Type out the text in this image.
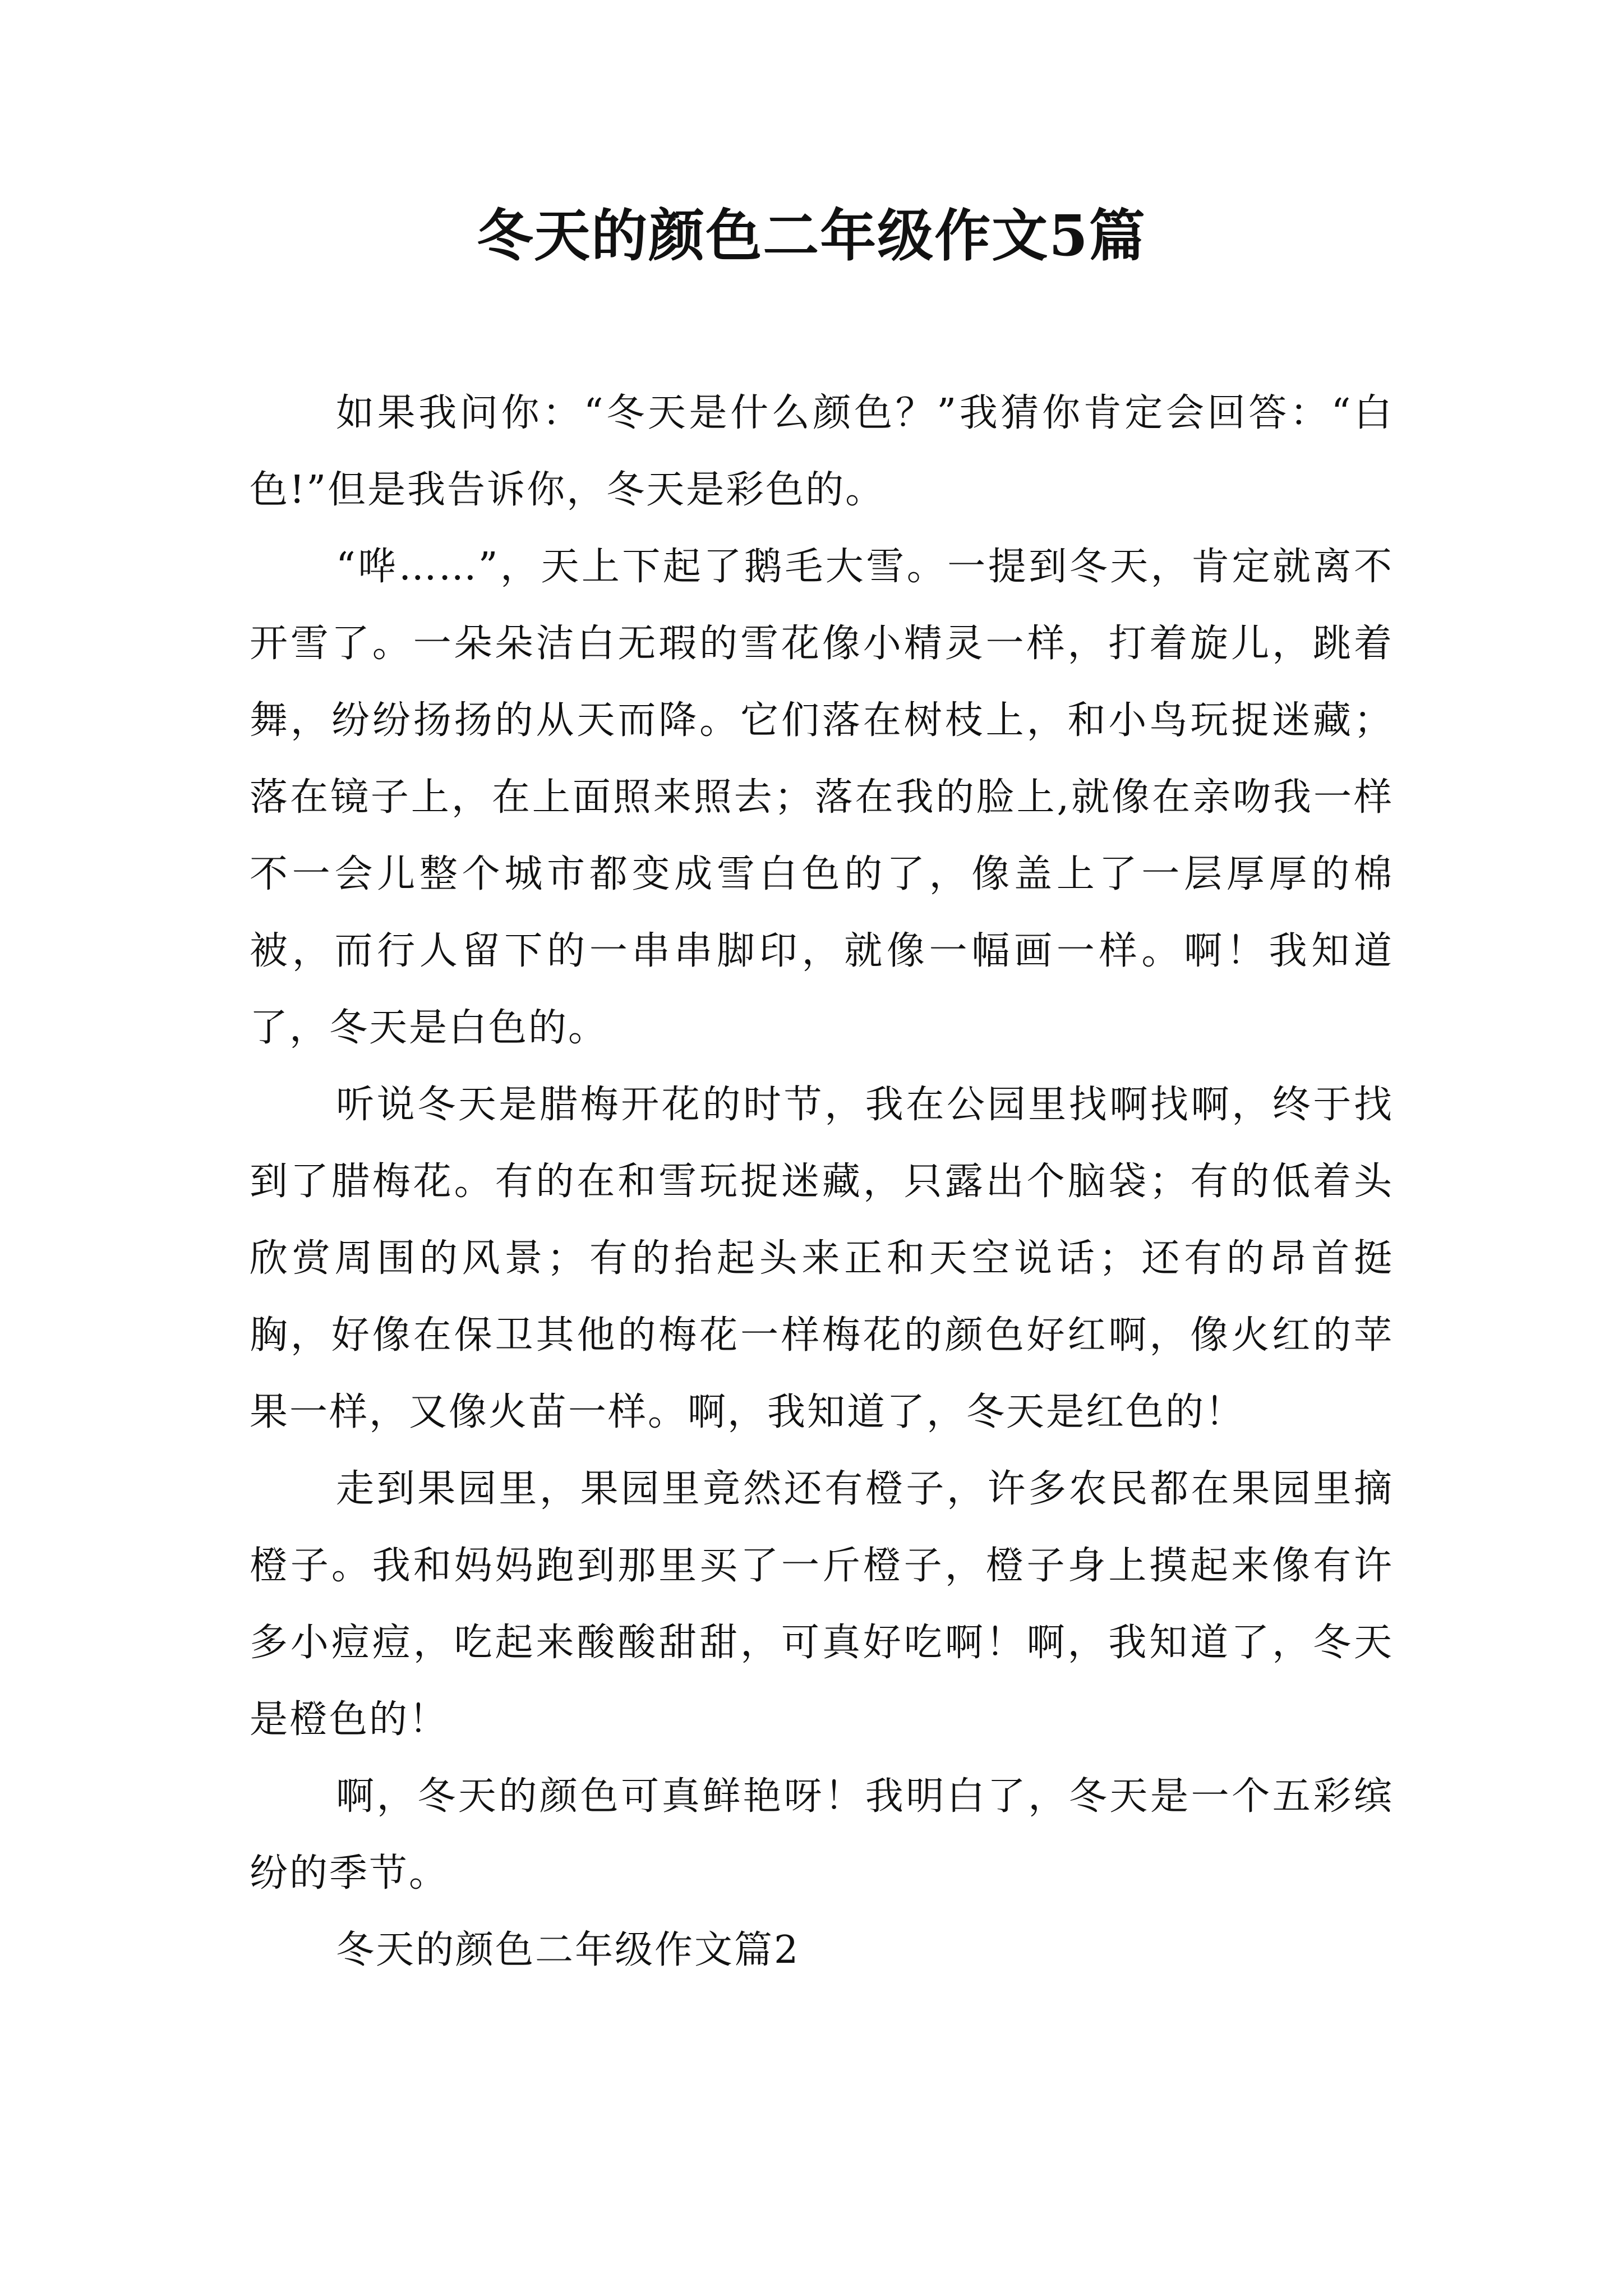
冬天的颜色二年级作文5篇

如果我问你：“冬天是什么颜色？”我猜你肯定会回答：“白色!”但是我告诉你，冬天是彩色的。

“哗……”，天上下起了鹅毛大雪。一提到冬天，肯定就离不开雪了。一朵朵洁白无瑕的雪花像小精灵一样，打着旋儿，跳着舞，纷纷扬扬的从天而降。它们落在树枝上，和小鸟玩捉迷藏；落在镜子上，在上面照来照去；落在我的脸上,就像在亲吻我一样不一会儿整个城市都变成雪白色的了，像盖上了一层厚厚的棉被，而行人留下的一串串脚印，就像一幅画一样。啊！我知道了，冬天是白色的。

听说冬天是腊梅开花的时节，我在公园里找啊找啊，终于找到了腊梅花。有的在和雪玩捉迷藏，只露出个脑袋；有的低着头欣赏周围的风景；有的抬起头来正和天空说话；还有的昂首挺胸，好像在保卫其他的梅花一样梅花的颜色好红啊，像火红的苹果一样，又像火苗一样。啊，我知道了，冬天是红色的！

走到果园里，果园里竟然还有橙子，许多农民都在果园里摘橙子。我和妈妈跑到那里买了一斤橙子，橙子身上摸起来像有许多小痘痘，吃起来酸酸甜甜，可真好吃啊！啊，我知道了，冬天是橙色的！

啊，冬天的颜色可真鲜艳呀！我明白了，冬天是一个五彩缤纷的季节。

冬天的颜色二年级作文篇2
